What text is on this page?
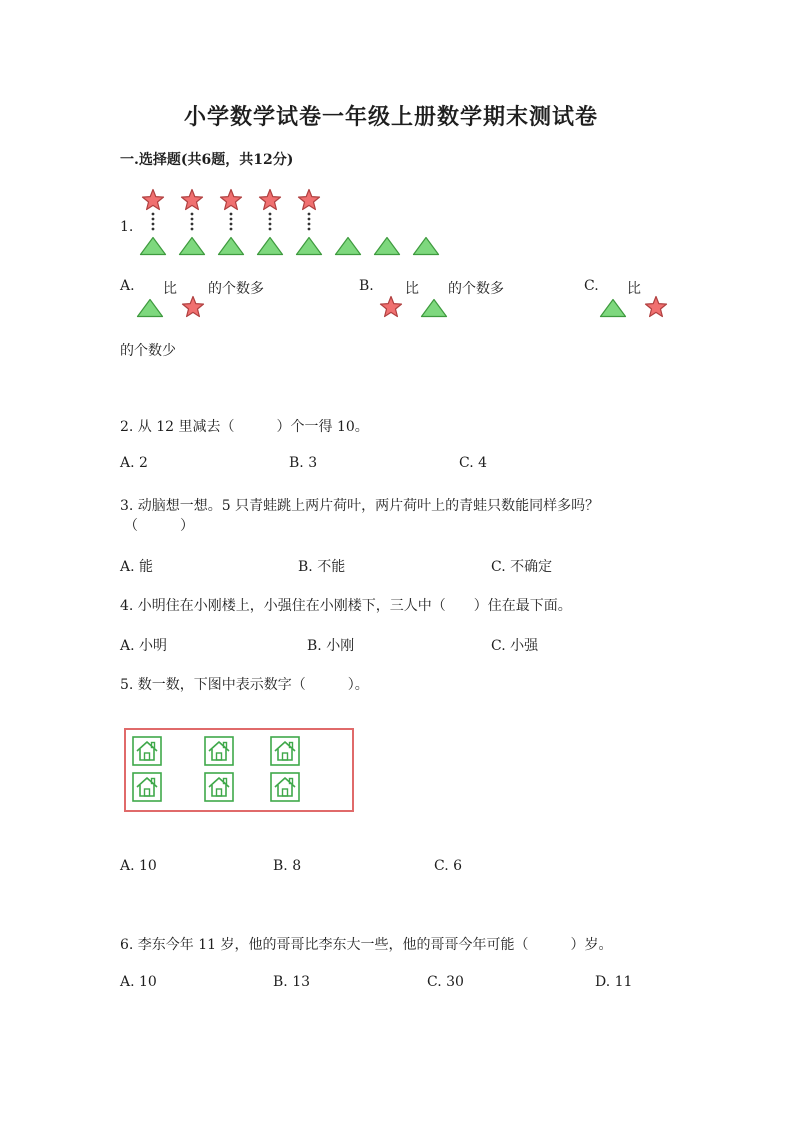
小学数学试卷一年级上册数学期末测试卷
一.选择题(共6题，共12分)
1.
A. 比 的个数多	B. 比 的个数多	C. 比
的个数少
2. 从 12 里减去（　　　）个一得 10。
A. 2	B. 3	C. 4
3. 动脑想一想。5 只青蛙跳上两片荷叶，两片荷叶上的青蛙只数能同样多吗？
（　　　）
A. 能	B. 不能	C. 不确定
4. 小明住在小刚楼上，小强住在小刚楼下，三人中（　　）住在最下面。
A. 小明	B. 小刚	C. 小强
5. 数一数，下图中表示数字（　　　）。
A. 10	B. 8	C. 6
6. 李东今年 11 岁，他的哥哥比李东大一些，他的哥哥今年可能（　　　）岁。
A. 10	B. 13	C. 30	D. 11
